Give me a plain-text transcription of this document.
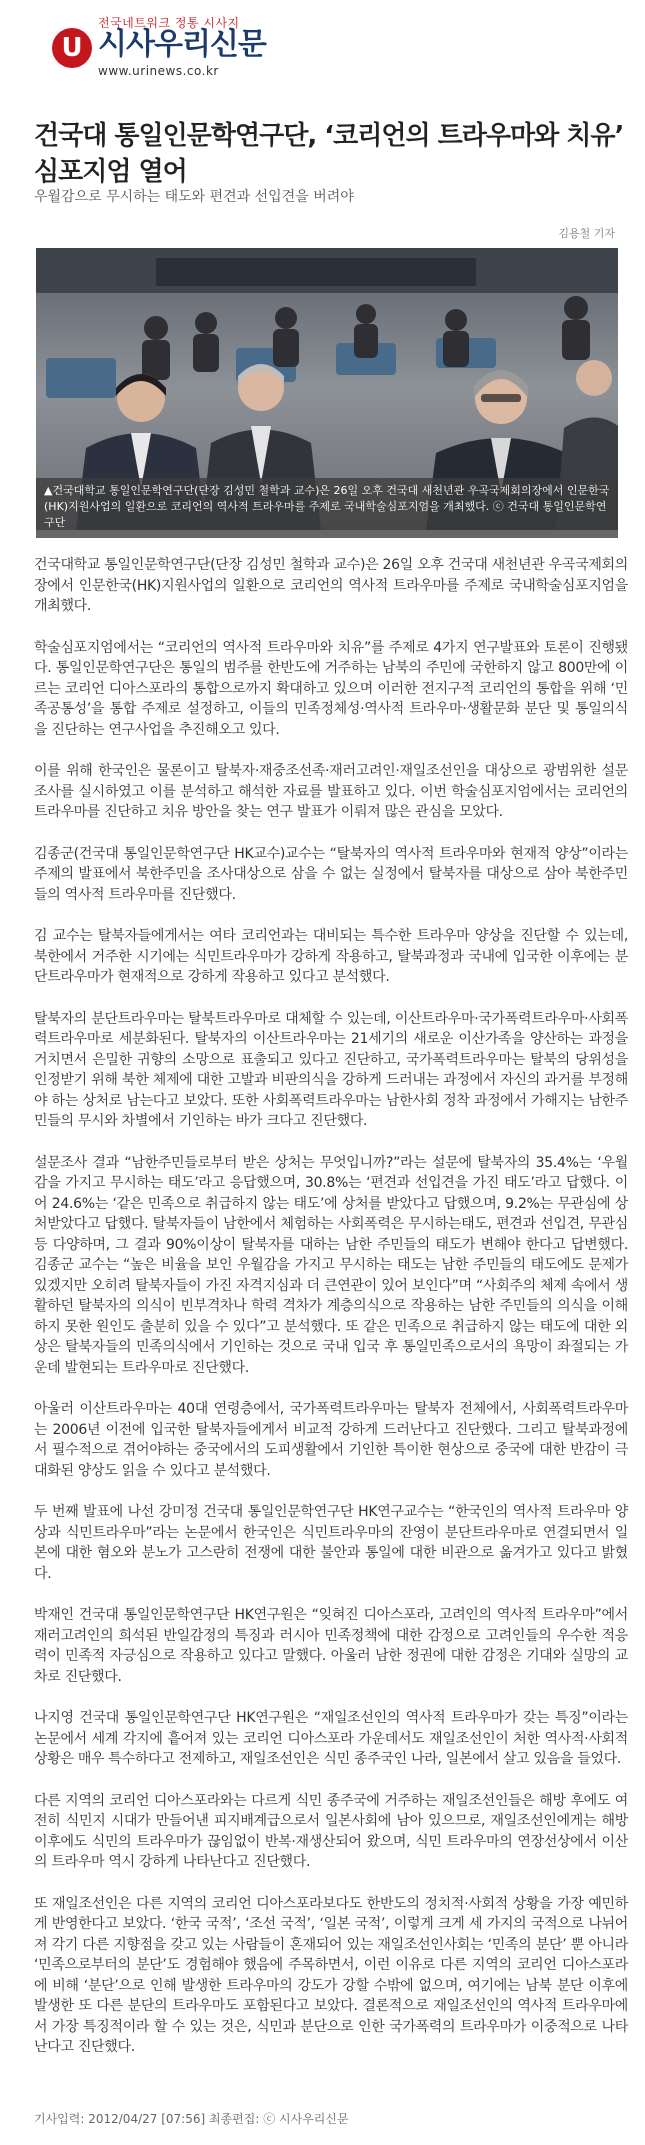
U
전국네트워크 정통 시사지
시사우리신문
www.urinews.co.kr
건국대 통일인문학연구단, ‘코리언의 트라우마와 치유’ 심포지엄 열어
우월감으로 무시하는 태도와 편견과 선입견을 버려야
김용철 기자
▲건국대학교 통일인문학연구단(단장 김성민 철학과 교수)은 26일 오후 건국대 새천년관 우곡국제회의장에서 인문한국(HK)지원사업의 일환으로 코리언의 역사적 트라우마를 주제로 국내학술심포지엄을 개최했다. ⓒ 건국대 통일인문학연구단

건국대학교 통일인문학연구단(단장 김성민 철학과 교수)은 26일 오후 건국대 새천년관 우곡국제회의장에서 인문한국(HK)지원사업의 일환으로 코리언의 역사적 트라우마를 주제로 국내학술심포지엄을 개최했다.

학술심포지엄에서는 “코리언의 역사적 트라우마와 치유”를 주제로 4가지 연구발표와 토론이 진행됐다. 통일인문학연구단은 통일의 범주를 한반도에 거주하는 남북의 주민에 국한하지 않고 800만에 이르는 코리언 디아스포라의 통합으로까지 확대하고 있으며 이러한 전지구적 코리언의 통합을 위해 ‘민족공통성’을 통합 주제로 설정하고, 이들의 민족정체성·역사적 트라우마·생활문화 분단 및 통일의식을 진단하는 연구사업을 추진해오고 있다.

이를 위해 한국인은 물론이고 탈북자·재중조선족·재러고려인·재일조선인을 대상으로 광범위한 설문조사를 실시하였고 이를 분석하고 해석한 자료를 발표하고 있다. 이번 학술심포지엄에서는 코리언의 트라우마를 진단하고 치유 방안을 찾는 연구 발표가 이뤄져 많은 관심을 모았다.

김종군(건국대 통일인문학연구단 HK교수)교수는 “탈북자의 역사적 트라우마와 현재적 양상”이라는 주제의 발표에서 북한주민을 조사대상으로 삼을 수 없는 실정에서 탈북자를 대상으로 삼아 북한주민들의 역사적 트라우마를 진단했다.

김 교수는 탈북자들에게서는 여타 코리언과는 대비되는 특수한 트라우마 양상을 진단할 수 있는데, 북한에서 거주한 시기에는 식민트라우마가 강하게 작용하고, 탈북과정과 국내에 입국한 이후에는 분단트라우마가 현재적으로 강하게 작용하고 있다고 분석했다.

탈북자의 분단트라우마는 탈북트라우마로 대체할 수 있는데, 이산트라우마·국가폭력트라우마·사회폭력트라우마로 세분화된다. 탈북자의 이산트라우마는 21세기의 새로운 이산가족을 양산하는 과정을 거치면서 은밀한 귀향의 소망으로 표출되고 있다고 진단하고, 국가폭력트라우마는 탈북의 당위성을 인정받기 위해 북한 체제에 대한 고발과 비판의식을 강하게 드러내는 과정에서 자신의 과거를 부정해야 하는 상처로 남는다고 보았다. 또한 사회폭력트라우마는 남한사회 정착 과정에서 가해지는 남한주민들의 무시와 차별에서 기인하는 바가 크다고 진단했다.

설문조사 결과 “남한주민들로부터 받은 상처는 무엇입니까?”라는 설문에 탈북자의 35.4%는 ‘우월감을 가지고 무시하는 태도’라고 응답했으며, 30.8%는 ‘편견과 선입견을 가진 태도’라고 답했다. 이어 24.6%는 ‘같은 민족으로 취급하지 않는 태도’에 상처를 받았다고 답했으며, 9.2%는 무관심에 상처받았다고 답했다. 탈북자들이 남한에서 체험하는 사회폭력은 무시하는태도, 편견과 선입견, 무관심 등 다양하며, 그 결과 90%이상이 탈북자를 대하는 남한 주민들의 태도가 변해야 한다고 답변했다. 김종군 교수는 “높은 비율을 보인 우월감을 가지고 무시하는 태도는 남한 주민들의 태도에도 문제가 있겠지만 오히려 탈북자들이 가진 자격지심과 더 큰연관이 있어 보인다”며 “사회주의 체제 속에서 생활하던 탈북자의 의식이 빈부격차나 학력 격차가 계층의식으로 작용하는 남한 주민들의 의식을 이해하지 못한 원인도 출분히 있을 수 있다”고 분석했다. 또 같은 민족으로 취급하지 않는 태도에 대한 외상은 탈북자들의 민족의식에서 기인하는 것으로 국내 입국 후 통일민족으로서의 욕망이 좌절되는 가운데 발현되는 트라우마로 진단했다.

아울러 이산트라우마는 40대 연령층에서, 국가폭력트라우마는 탈북자 전체에서, 사회폭력트라우마는 2006년 이전에 입국한 탈북자들에게서 비교적 강하게 드러난다고 진단했다. 그리고 탈북과정에서 필수적으로 겪어야하는 중국에서의 도피생활에서 기인한 특이한 현상으로 중국에 대한 반감이 극대화된 양상도 읽을 수 있다고 분석했다.

두 번째 발표에 나선 강미정 건국대 통일인문학연구단 HK연구교수는 “한국인의 역사적 트라우마 양상과 식민트라우마”라는 논문에서 한국인은 식민트라우마의 잔영이 분단트라우마로 연결되면서 일본에 대한 혐오와 분노가 고스란히 전쟁에 대한 불안과 통일에 대한 비관으로 옮겨가고 있다고 밝혔다.

박재인 건국대 통일인문학연구단 HK연구원은 “잊혀진 디아스포라, 고려인의 역사적 트라우마”에서 재러고려인의 희석된 반일감정의 특징과 러시아 민족정책에 대한 감정으로 고려인들의 우수한 적응력이 민족적 자긍심으로 작용하고 있다고 말했다. 아울러 남한 정권에 대한 감정은 기대와 실망의 교차로 진단했다.

나지영 건국대 통일인문학연구단 HK연구원은 “재일조선인의 역사적 트라우마가 갖는 특징”이라는 논문에서 세계 각지에 흩어져 있는 코리언 디아스포라 가운데서도 재일조선인이 처한 역사적·사회적 상황은 매우 특수하다고 전제하고, 재일조선인은 식민 종주국인 나라, 일본에서 살고 있음을 들었다.

다른 지역의 코리언 디아스포라와는 다르게 식민 종주국에 거주하는 재일조선인들은 해방 후에도 여전히 식민지 시대가 만들어낸 피지배계급으로서 일본사회에 남아 있으므로, 재일조선인에게는 해방 이후에도 식민의 트라우마가 끊임없이 반복·재생산되어 왔으며, 식민 트라우마의 연장선상에서 이산의 트라우마 역시 강하게 나타난다고 진단했다.

또 재일조선인은 다른 지역의 코리언 디아스포라보다도 한반도의 정치적·사회적 상황을 가장 예민하게 반영한다고 보았다. ‘한국 국적’, ‘조선 국적’, ‘일본 국적’, 이렇게 크게 세 가지의 국적으로 나뉘어져 각기 다른 지향점을 갖고 있는 사람들이 혼재되어 있는 재일조선인사회는 ‘민족의 분단’ 뿐 아니라 ‘민족으로부터의 분단’도 경험해야 했음에 주목하면서, 이런 이유로 다른 지역의 코리언 디아스포라에 비해 ‘분단’으로 인해 발생한 트라우마의 강도가 강할 수밖에 없으며, 여기에는 남북 분단 이후에 발생한 또 다른 분단의 트라우마도 포함된다고 보았다. 결론적으로 재일조선인의 역사적 트라우마에서 가장 특징적이라 할 수 있는 것은, 식민과 분단으로 인한 국가폭력의 트라우마가 이중적으로 나타난다고 진단했다.

기사입력: 2012/04/27 [07:56] 최종편집: ⓒ 시사우리신문
